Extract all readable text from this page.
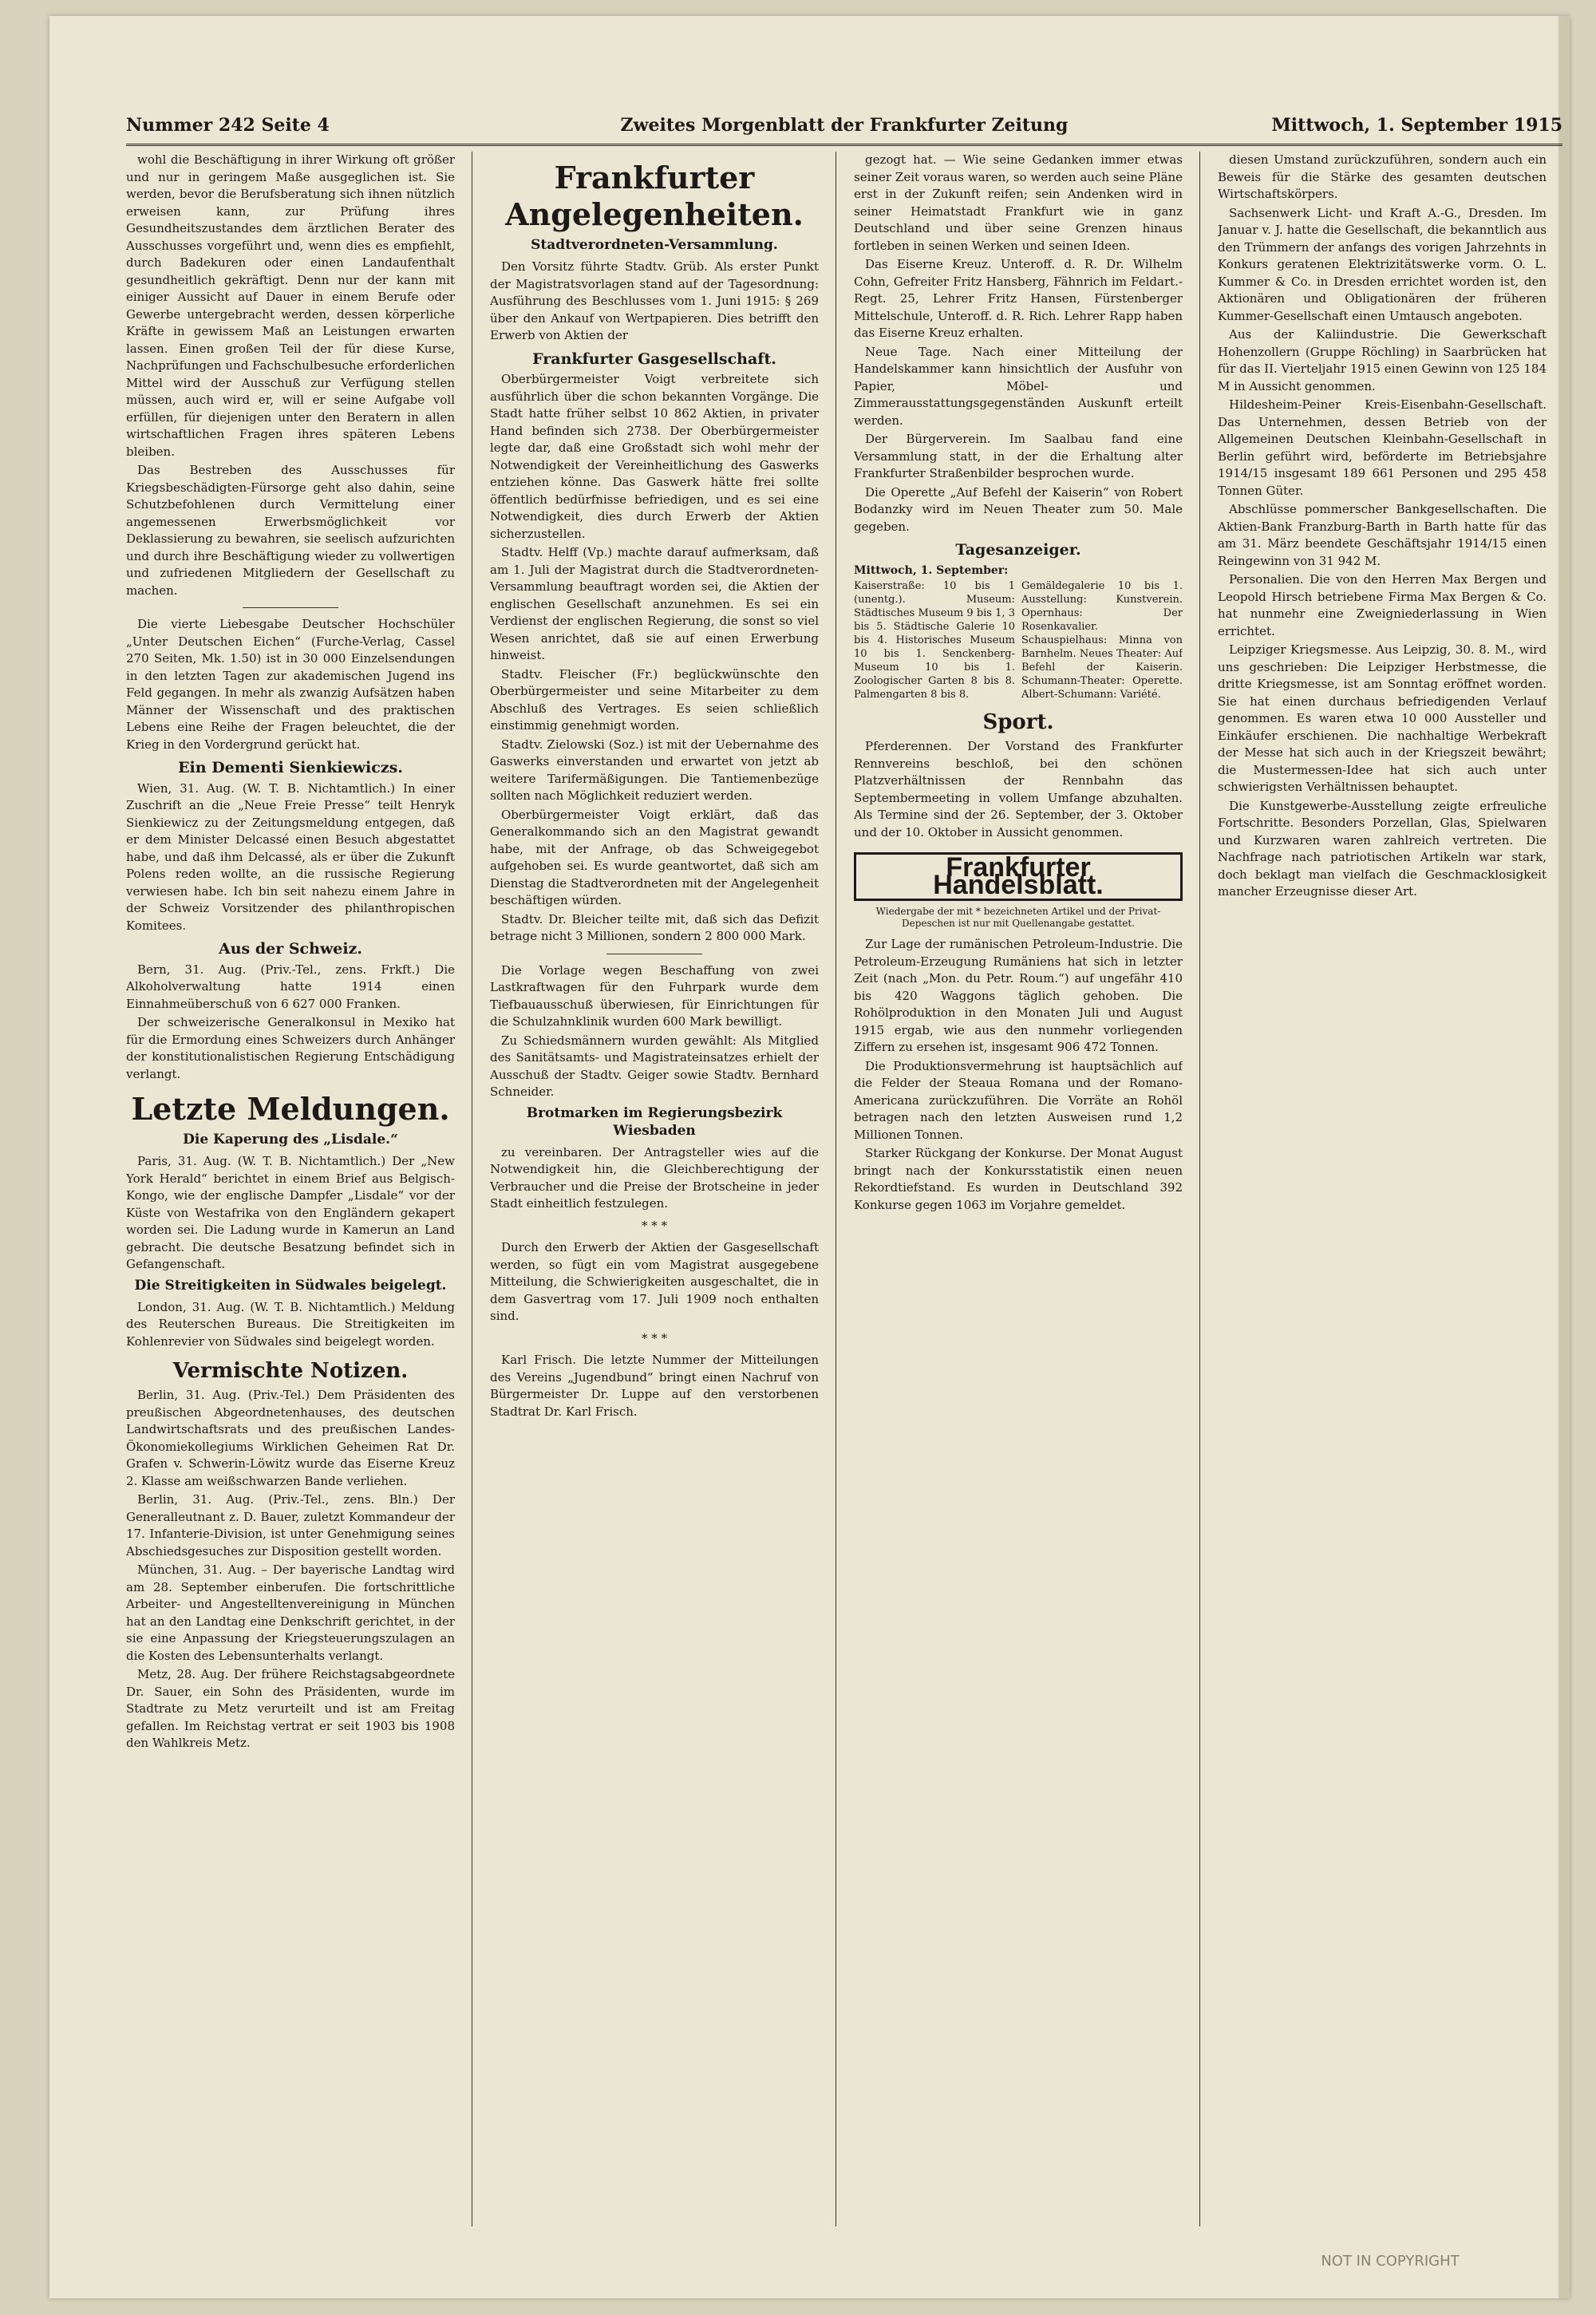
Nummer 242 Seite 4	Zweites Morgenblatt der Frankfurter Zeitung	Mittwoch, 1. September 1915

wohl die Beschäftigung in ihrer Wirkung oft größer und nur in geringem Maße ausgeglichen ist. Sie werden, bevor die Berufsberatung sich ihnen nützlich erweisen kann, zur Prüfung ihres Gesundheitszustandes dem ärztlichen Berater des Ausschusses vorgeführt und, wenn dies es empfiehlt, durch Badekuren oder einen Landaufenthalt gesundheitlich gekräftigt. Denn nur der kann mit einiger Aussicht auf Dauer in einem Berufe oder Gewerbe untergebracht werden, dessen körperliche Kräfte in gewissem Maß an Leistungen erwarten lassen. Einen großen Teil der für diese Kurse, Nachprüfungen und Fachschulbesuche erforderlichen Mittel wird der Ausschuß zur Verfügung stellen müssen, auch wird er, will er seine Aufgabe voll erfüllen, für diejenigen unter den Beratern in allen wirtschaftlichen Fragen ihres späteren Lebens bleiben.

Das Bestreben des Ausschusses für Kriegsbeschädigten-Fürsorge geht also dahin, seine Schutzbefohlenen durch Vermittelung einer angemessenen Erwerbsmöglichkeit vor Deklassierung zu bewahren, sie seelisch aufzurichten und durch ihre Beschäftigung wieder zu vollwertigen und zufriedenen Mitgliedern der Gesellschaft zu machen.

Die vierte Liebesgabe Deutscher Hochschüler „Unter Deutschen Eichen“ (Furche-Verlag, Cassel 270 Seiten, Mk. 1.50) ist in 30 000 Einzelsendungen in den letzten Tagen zur akademischen Jugend ins Feld gegangen. In mehr als zwanzig Aufsätzen haben Männer der Wissenschaft und des praktischen Lebens eine Reihe der Fragen beleuchtet, die der Krieg in den Vordergrund gerückt hat.

Ein Dementi Sienkiewiczs.

Wien, 31. Aug. (W. T. B. Nichtamtlich.) In einer Zuschrift an die „Neue Freie Presse“ teilt Henryk Sienkiewicz zu der Zeitungsmeldung entgegen, daß er dem Minister Delcassé einen Besuch abgestattet habe, und daß ihm Delcassé, als er über die Zukunft Polens reden wollte, an die russische Regierung verwiesen habe. Ich bin seit nahezu einem Jahre in der Schweiz Vorsitzender des philanthropischen Komitees.

Aus der Schweiz.

Bern, 31. Aug. (Priv.-Tel., zens. Frkft.) Die Alkoholverwaltung hatte 1914 einen Einnahmeüberschuß von 6 627 000 Franken.

Der schweizerische Generalkonsul in Mexiko hat für die Ermordung eines Schweizers durch Anhänger der konstitutionalistischen Regierung Entschädigung verlangt.

Letzte Meldungen.
Die Kaperung des „Lisdale.“

Paris, 31. Aug. (W. T. B. Nichtamtlich.) Der „New York Herald“ berichtet in einem Brief aus Belgisch-Kongo, wie der englische Dampfer „Lisdale“ vor der Küste von Westafrika von den Engländern gekapert worden sei. Die Ladung wurde in Kamerun an Land gebracht. Die deutsche Besatzung befindet sich in Gefangenschaft.

Die Streitigkeiten in Südwales beigelegt.

London, 31. Aug. (W. T. B. Nichtamtlich.) Meldung des Reuterschen Bureaus. Die Streitigkeiten im Kohlenrevier von Südwales sind beigelegt worden.

Vermischte Notizen.

Berlin, 31. Aug. (Priv.-Tel.) Dem Präsidenten des preußischen Abgeordnetenhauses, des deutschen Landwirtschaftsrats und des preußischen Landes-Ökonomiekollegiums Wirklichen Geheimen Rat Dr. Grafen v. Schwerin-Löwitz wurde das Eiserne Kreuz 2. Klasse am weißschwarzen Bande verliehen.

Berlin, 31. Aug. (Priv.-Tel., zens. Bln.) Der Generalleutnant z. D. Bauer, zuletzt Kommandeur der 17. Infanterie-Division, ist unter Genehmigung seines Abschiedsgesuches zur Disposition gestellt worden.

München, 31. Aug. – Der bayerische Landtag wird am 28. September einberufen. Die fortschrittliche Arbeiter- und Angestelltenvereinigung in München hat an den Landtag eine Denkschrift gerichtet, in der sie eine Anpassung der Kriegsteuerungszulagen an die Kosten des Lebensunterhalts verlangt.

Metz, 28. Aug. Der frühere Reichstagsabgeordnete Dr. Sauer, ein Sohn des Präsidenten, wurde im Stadtrate zu Metz verurteilt und ist am Freitag gefallen. Im Reichstag vertrat er seit 1903 bis 1908 den Wahlkreis Metz.

Frankfurter Angelegenheiten.
Stadtverordneten-Versammlung.

Den Vorsitz führte Stadtv. Grüb. Als erster Punkt der Magistratsvorlagen stand auf der Tagesordnung: Ausführung des Beschlusses vom 1. Juni 1915: § 269 über den Ankauf von Wertpapieren. Dies betrifft den Erwerb von Aktien der

Frankfurter Gasgesellschaft.

Oberbürgermeister Voigt verbreitete sich ausführlich über die schon bekannten Vorgänge. Die Stadt hatte früher selbst 10 862 Aktien, in privater Hand befinden sich 2738. Der Oberbürgermeister legte dar, daß eine Großstadt sich wohl mehr der Notwendigkeit der Vereinheitlichung des Gaswerks entziehen könne. Das Gaswerk hätte frei sollte öffentlich bedürfnisse befriedigen, und es sei eine Notwendigkeit, dies durch Erwerb der Aktien sicherzustellen.

Stadtv. Helff (Vp.) machte darauf aufmerksam, daß am 1. Juli der Magistrat durch die Stadtverordneten-Versammlung beauftragt worden sei, die Aktien der englischen Gesellschaft anzunehmen. Es sei ein Verdienst der englischen Regierung, die sonst so viel Wesen anrichtet, daß sie auf einen Erwerbung hinweist.

Stadtv. Fleischer (Fr.) beglückwünschte den Oberbürgermeister und seine Mitarbeiter zu dem Abschluß des Vertrages. Es seien schließlich einstimmig genehmigt worden.

Stadtv. Zielowski (Soz.) ist mit der Uebernahme des Gaswerks einverstanden und erwartet von jetzt ab weitere Tarifermäßigungen. Die Tantiemenbezüge sollten nach Möglichkeit reduziert werden.

Oberbürgermeister Voigt erklärt, daß das Generalkommando sich an den Magistrat gewandt habe, mit der Anfrage, ob das Schweigegebot aufgehoben sei. Es wurde geantwortet, daß sich am Dienstag die Stadtverordneten mit der Angelegenheit beschäftigen würden.

Stadtv. Dr. Bleicher teilte mit, daß sich das Defizit betrage nicht 3 Millionen, sondern 2 800 000 Mark.

Die Vorlage wegen Beschaffung von zwei Lastkraftwagen für den Fuhrpark wurde dem Tiefbauausschuß überwiesen, für Einrichtungen für die Schulzahnklinik wurden 600 Mark bewilligt.

Zu Schiedsmännern wurden gewählt: Als Mitglied des Sanitätsamts- und Magistrateinsatzes erhielt der Ausschuß der Stadtv. Geiger sowie Stadtv. Bernhard Schneider.

Brotmarken im Regierungsbezirk Wiesbaden

zu vereinbaren. Der Antragsteller wies auf die Notwendigkeit hin, die Gleichberechtigung der Verbraucher und die Preise der Brotscheine in jeder Stadt einheitlich festzulegen.

* * *

Durch den Erwerb der Aktien der Gasgesellschaft werden, so fügt ein vom Magistrat ausgegebene Mitteilung, die Schwierigkeiten ausgeschaltet, die in dem Gasvertrag vom 17. Juli 1909 noch enthalten sind.

* * *

Karl Frisch. Die letzte Nummer der Mitteilungen des Vereins „Jugendbund“ bringt einen Nachruf von Bürgermeister Dr. Luppe auf den verstorbenen Stadtrat Dr. Karl Frisch.

gezogt hat. — Wie seine Gedanken immer etwas seiner Zeit voraus waren, so werden auch seine Pläne erst in der Zukunft reifen; sein Andenken wird in seiner Heimatstadt Frankfurt wie in ganz Deutschland und über seine Grenzen hinaus fortleben in seinen Werken und seinen Ideen.

Das Eiserne Kreuz. Unteroff. d. R. Dr. Wilhelm Cohn, Gefreiter Fritz Hansberg, Fähnrich im Feldart.-Regt. 25, Lehrer Fritz Hansen, Fürstenberger Mittelschule, Unteroff. d. R. Rich. Lehrer Rapp haben das Eiserne Kreuz erhalten.

Neue Tage. Nach einer Mitteilung der Handelskammer kann hinsichtlich der Ausfuhr von Papier, Möbel- und Zimmerausstattungsgegenständen Auskunft erteilt werden.

Der Bürgerverein. Im Saalbau fand eine Versammlung statt, in der die Erhaltung alter Frankfurter Straßenbilder besprochen wurde.

Die Operette „Auf Befehl der Kaiserin“ von Robert Bodanzky wird im Neuen Theater zum 50. Male gegeben.

Tagesanzeiger.
Mittwoch, 1. September:
Kaiserstraße: 10 bis 1 (unentg.). Museum: Städtisches Museum 9 bis 1, 3 bis 5. Städtische Galerie 10 bis 4. Historisches Museum 10 bis 1. Senckenberg-Museum 10 bis 1. Zoologischer Garten 8 bis 8. Palmengarten 8 bis 8.
Gemäldegalerie 10 bis 1. Ausstellung: Kunstverein. Opernhaus: Der Rosenkavalier. Schauspielhaus: Minna von Barnhelm. Neues Theater: Auf Befehl der Kaiserin. Schumann-Theater: Operette. Albert-Schumann: Variété.
Sport.

Pferderennen. Der Vorstand des Frankfurter Rennvereins beschloß, bei den schönen Platzverhältnissen der Rennbahn das Septembermeeting in vollem Umfange abzuhalten. Als Termine sind der 26. September, der 3. Oktober und der 10. Oktober in Aussicht genommen.

Frankfurter Handelsblatt.
Wiedergabe der mit * bezeichneten Artikel und der Privat-Depeschen ist nur mit Quellenangabe gestattet.

Zur Lage der rumänischen Petroleum-Industrie. Die Petroleum-Erzeugung Rumäniens hat sich in letzter Zeit (nach „Mon. du Petr. Roum.“) auf ungefähr 410 bis 420 Waggons täglich gehoben. Die Rohölproduktion in den Monaten Juli und August 1915 ergab, wie aus den nunmehr vorliegenden Ziffern zu ersehen ist, insgesamt 906 472 Tonnen.

Die Produktionsvermehrung ist hauptsächlich auf die Felder der Steaua Romana und der Romano-Americana zurückzuführen. Die Vorräte an Rohöl betragen nach den letzten Ausweisen rund 1,2 Millionen Tonnen.

Starker Rückgang der Konkurse. Der Monat August bringt nach der Konkursstatistik einen neuen Rekordtiefstand. Es wurden in Deutschland 392 Konkurse gegen 1063 im Vorjahre gemeldet.

diesen Umstand zurückzuführen, sondern auch ein Beweis für die Stärke des gesamten deutschen Wirtschaftskörpers.

Sachsenwerk Licht- und Kraft A.-G., Dresden. Im Januar v. J. hatte die Gesellschaft, die bekanntlich aus den Trümmern der anfangs des vorigen Jahrzehnts in Konkurs geratenen Elektrizitätswerke vorm. O. L. Kummer & Co. in Dresden errichtet worden ist, den Aktionären und Obligationären der früheren Kummer-Gesellschaft einen Umtausch angeboten.

Aus der Kaliindustrie. Die Gewerkschaft Hohenzollern (Gruppe Röchling) in Saarbrücken hat für das II. Vierteljahr 1915 einen Gewinn von 125 184 M in Aussicht genommen.

Hildesheim-Peiner Kreis-Eisenbahn-Gesellschaft. Das Unternehmen, dessen Betrieb von der Allgemeinen Deutschen Kleinbahn-Gesellschaft in Berlin geführt wird, beförderte im Betriebsjahre 1914/15 insgesamt 189 661 Personen und 295 458 Tonnen Güter.

Abschlüsse pommerscher Bankgesellschaften. Die Aktien-Bank Franzburg-Barth in Barth hatte für das am 31. März beendete Geschäftsjahr 1914/15 einen Reingewinn von 31 942 M.

Personalien. Die von den Herren Max Bergen und Leopold Hirsch betriebene Firma Max Bergen & Co. hat nunmehr eine Zweigniederlassung in Wien errichtet.

Leipziger Kriegsmesse. Aus Leipzig, 30. 8. M., wird uns geschrieben: Die Leipziger Herbstmesse, die dritte Kriegsmesse, ist am Sonntag eröffnet worden. Sie hat einen durchaus befriedigenden Verlauf genommen. Es waren etwa 10 000 Aussteller und Einkäufer erschienen. Die nachhaltige Werbekraft der Messe hat sich auch in der Kriegszeit bewährt; die Mustermessen-Idee hat sich auch unter schwierigsten Verhältnissen behauptet.

Die Kunstgewerbe-Ausstellung zeigte erfreuliche Fortschritte. Besonders Porzellan, Glas, Spielwaren und Kurzwaren waren zahlreich vertreten. Die Nachfrage nach patriotischen Artikeln war stark, doch beklagt man vielfach die Geschmacklosigkeit mancher Erzeugnisse dieser Art.

NOT IN COPYRIGHT
